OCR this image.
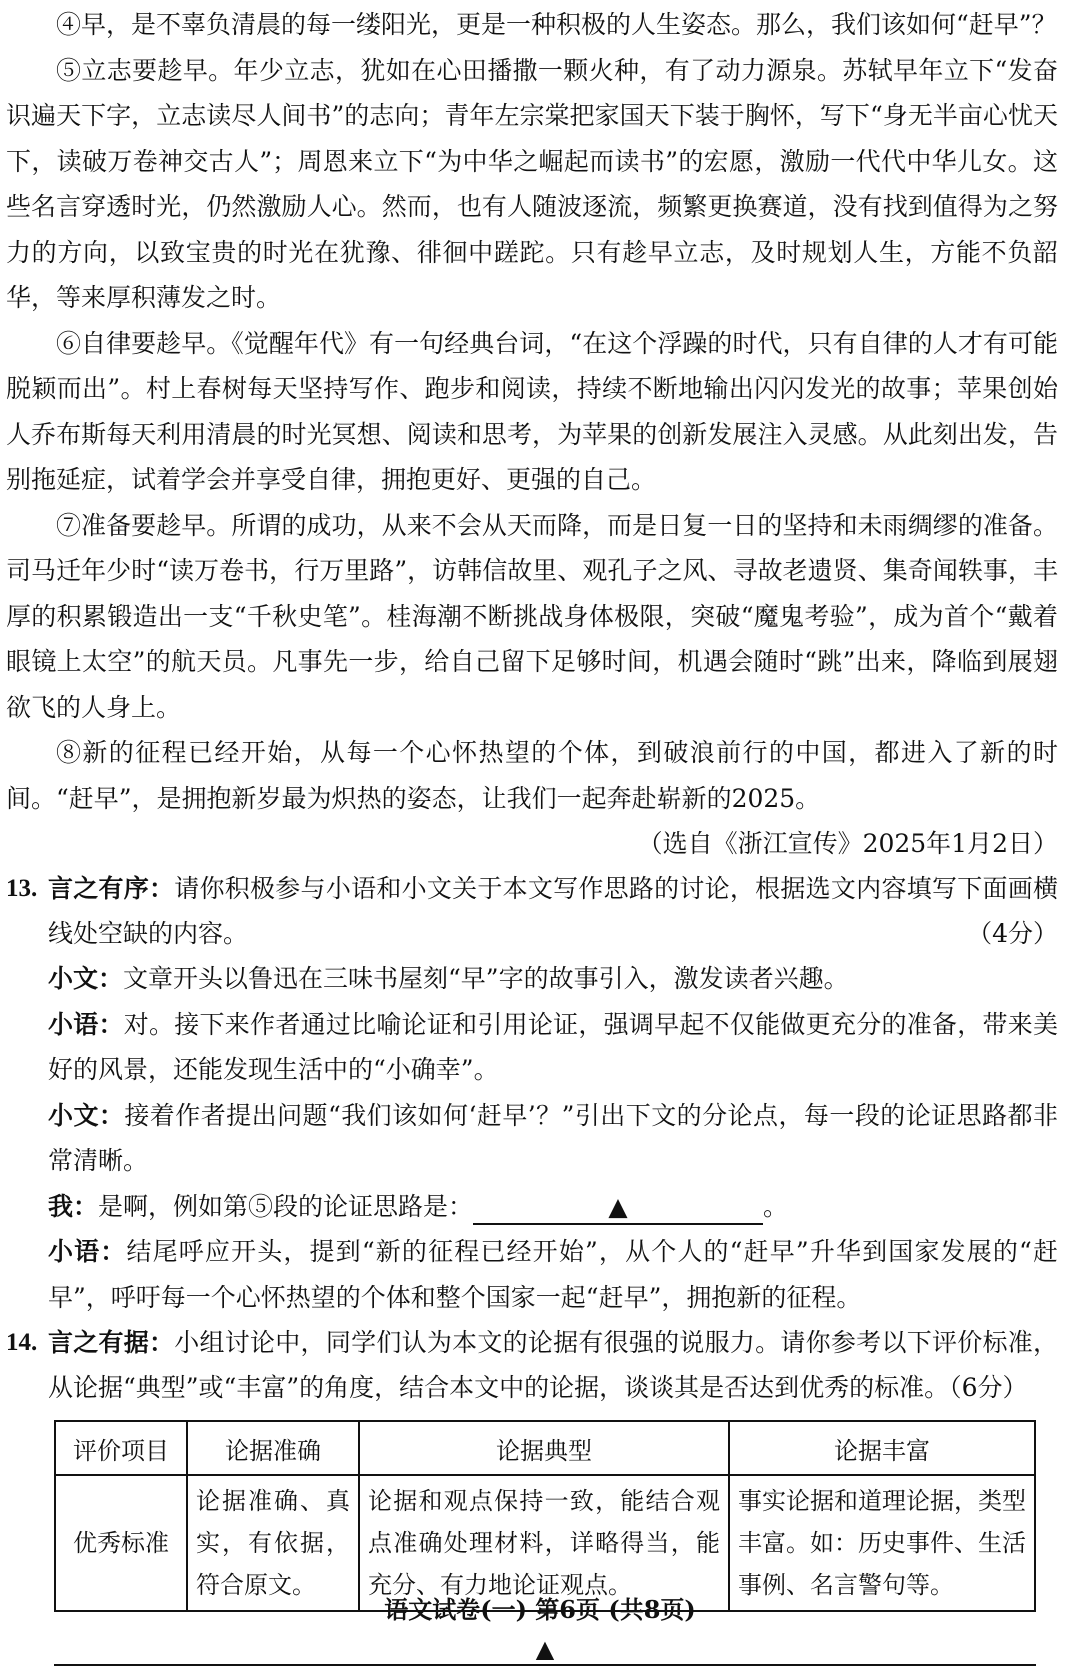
④早，是不辜负清晨的每一缕阳光，更是一种积极的人生姿态。那么，我们该如何“赶早”？

⑤立志要趁早。年少立志，犹如在心田播撒一颗火种，有了动力源泉。苏轼早年立下“发奋识遍天下字，立志读尽人间书”的志向；青年左宗棠把家国天下装于胸怀，写下“身无半亩心忧天下，读破万卷神交古人”；周恩来立下“为中华之崛起而读书”的宏愿，激励一代代中华儿女。这些名言穿透时光，仍然激励人心。然而，也有人随波逐流，频繁更换赛道，没有找到值得为之努力的方向，以致宝贵的时光在犹豫、徘徊中蹉跎。只有趁早立志，及时规划人生，方能不负韶华，等来厚积薄发之时。

⑥自律要趁早。《觉醒年代》有一句经典台词，“在这个浮躁的时代，只有自律的人才有可能脱颖而出”。村上春树每天坚持写作、跑步和阅读，持续不断地输出闪闪发光的故事；苹果创始人乔布斯每天利用清晨的时光冥想、阅读和思考，为苹果的创新发展注入灵感。从此刻出发，告别拖延症，试着学会并享受自律，拥抱更好、更强的自己。

⑦准备要趁早。所谓的成功，从来不会从天而降，而是日复一日的坚持和未雨绸缪的准备。司马迁年少时“读万卷书，行万里路”，访韩信故里、观孔子之风、寻故老遗贤、集奇闻轶事，丰厚的积累锻造出一支“千秋史笔”。桂海潮不断挑战身体极限，突破“魔鬼考验”，成为首个“戴着眼镜上太空”的航天员。凡事先一步，给自己留下足够时间，机遇会随时“跳”出来，降临到展翅欲飞的人身上。

⑧新的征程已经开始，从每一个心怀热望的个体，到破浪前行的中国，都进入了新的时间。“赶早”，是拥抱新岁最为炽热的姿态，让我们一起奔赴崭新的2025。

（选自《浙江宣传》2025年1月2日）

13. 言之有序：请你积极参与小语和小文关于本文写作思路的讨论，根据选文内容填写下面画横线处空缺的内容。	（4分）

小文：文章开头以鲁迅在三味书屋刻“早”字的故事引入，激发读者兴趣。

小语：对。接下来作者通过比喻论证和引用论证，强调早起不仅能做更充分的准备，带来美好的风景，还能发现生活中的“小确幸”。

小文：接着作者提出问题“我们该如何‘赶早’？”引出下文的分论点，每一段的论证思路都非常清晰。

我：是啊，例如第⑤段的论证思路是：	▲	。

小语：结尾呼应开头，提到“新的征程已经开始”，从个人的“赶早”升华到国家发展的“赶早”，呼吁每一个心怀热望的个体和整个国家一起“赶早”，拥抱新的征程。

14. 言之有据：小组讨论中，同学们认为本文的论据有很强的说服力。请你参考以下评价标准，从论据“典型”或“丰富”的角度，结合本文中的论据，谈谈其是否达到优秀的标准。（6分）
评价项目	论据准确	论据典型	论据丰富
优秀标准	论据准确、真实，有依据，符合原文。	论据和观点保持一致，能结合观点准确处理材料，详略得当，能充分、有力地论证观点。	事实论据和道理论据，类型丰富。如：历史事件、生活事例、名言警句等。
▲
语文试卷(一) 第6页 (共8页)
